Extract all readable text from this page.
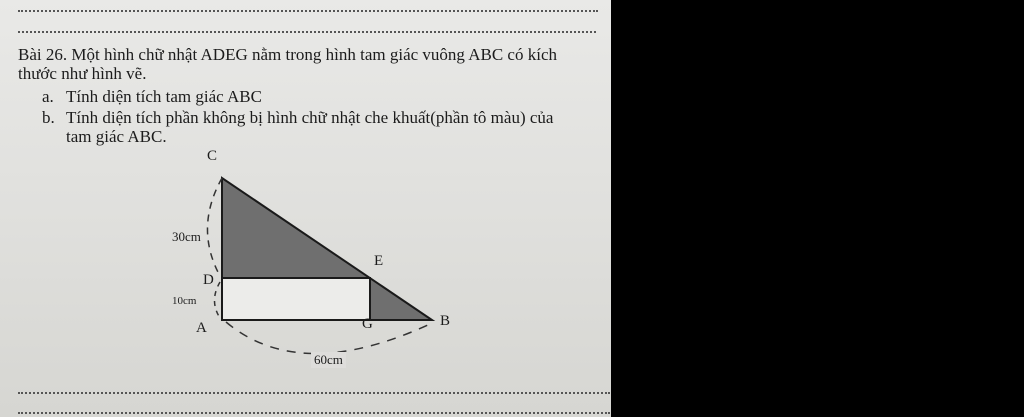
Bài 26. Một hình chữ nhật ADEG nằm trong hình tam giác vuông ABC có kích
thước như hình vẽ.
a. Tính diện tích tam giác ABC
b. Tính diện tích phần không bị hình chữ nhật che khuất(phần tô màu) của
tam giác ABC.
C
E
D
A	G	B
30cm
10cm
60cm
